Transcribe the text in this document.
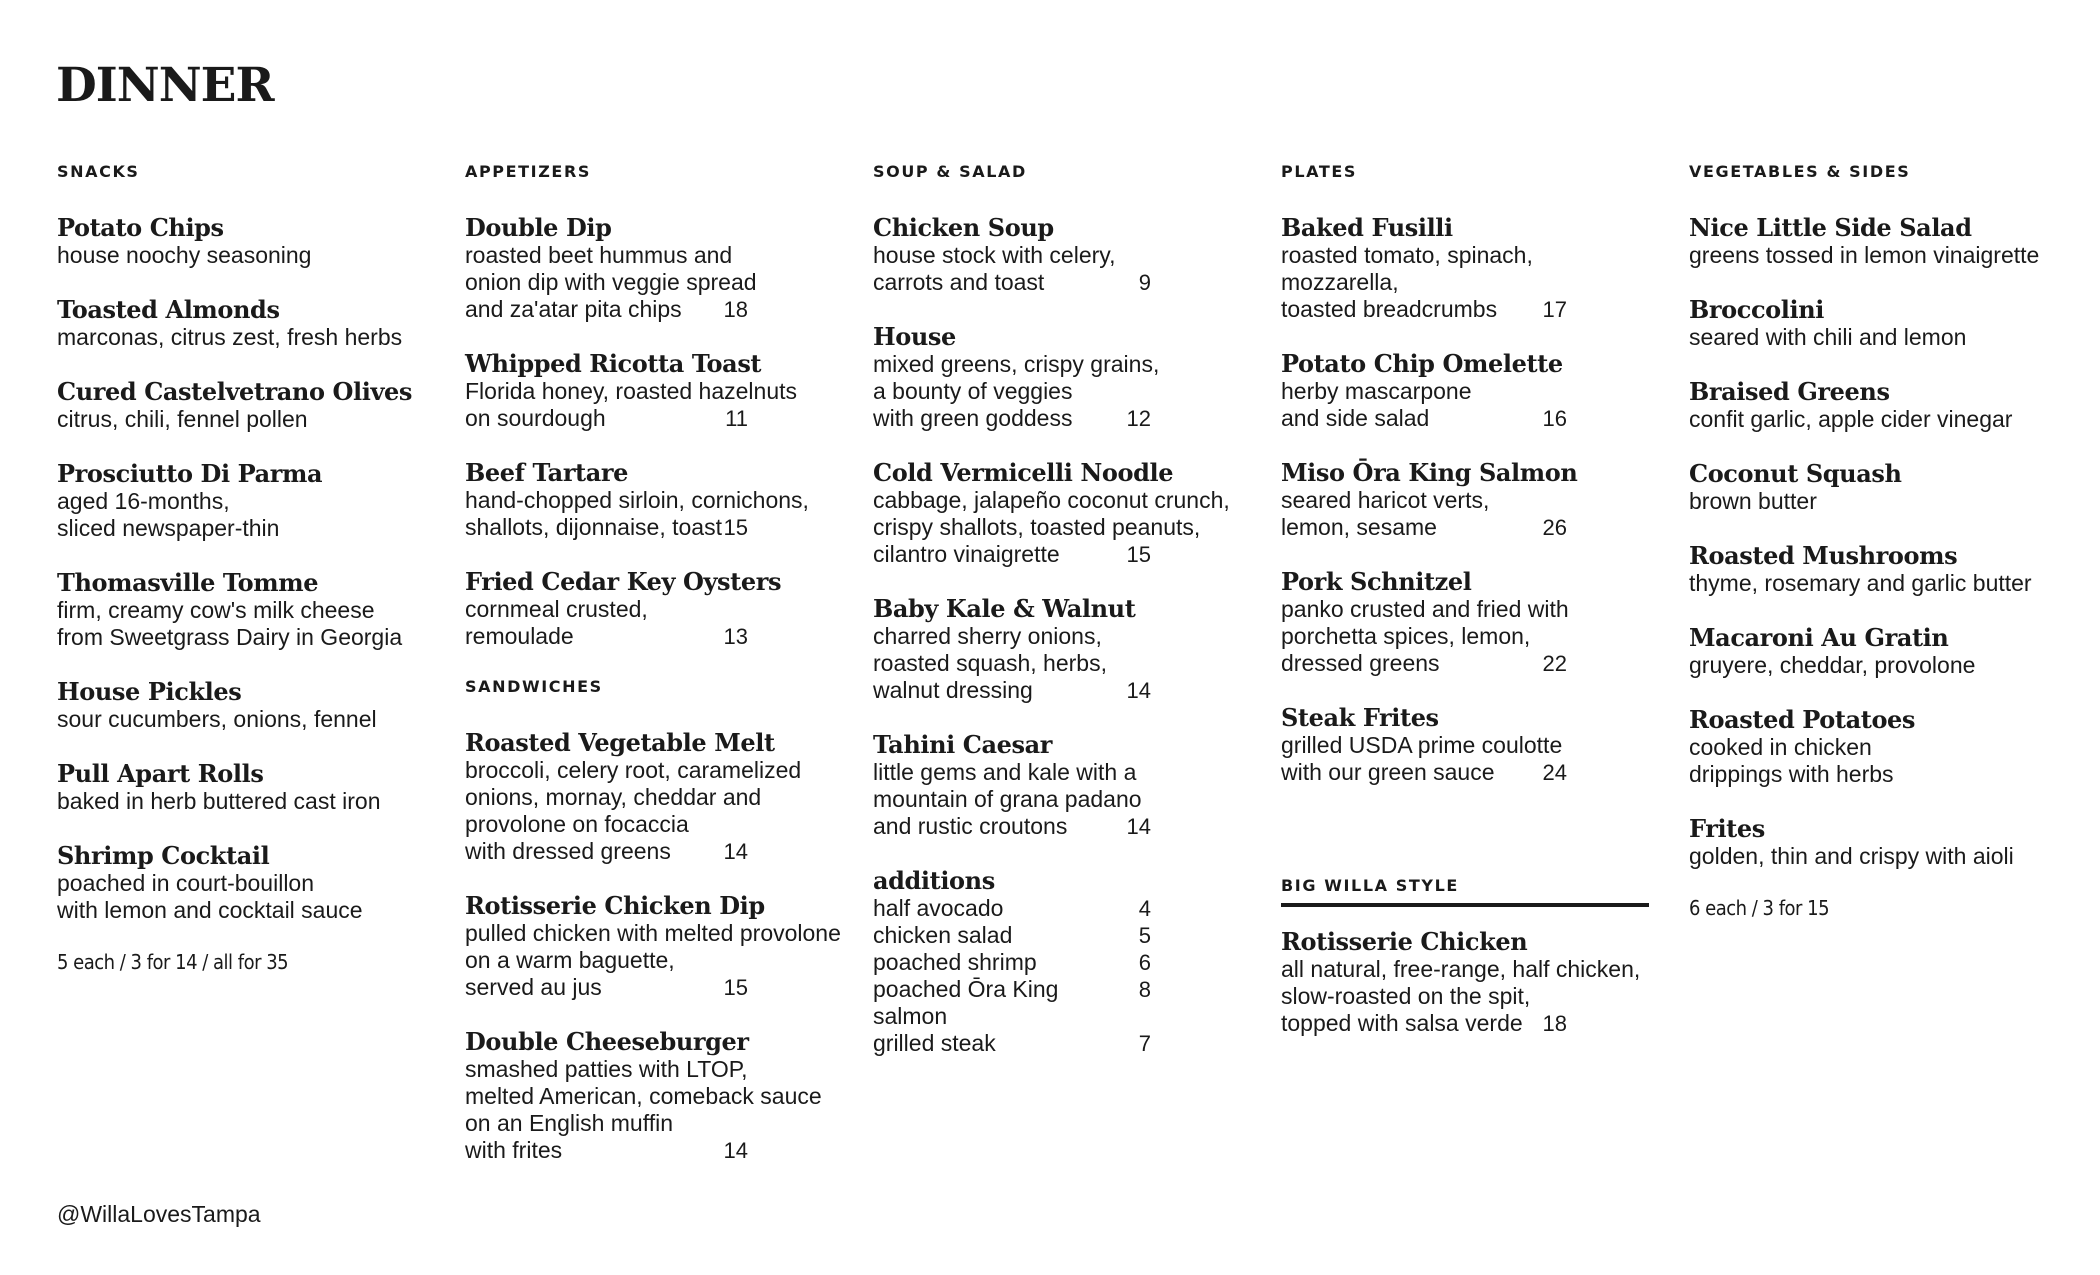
DINNER
SNACKS
Potato Chips
house noochy seasoning
Toasted Almonds
marconas, citrus zest, fresh herbs
Cured Castelvetrano Olives
citrus, chili, fennel pollen
Prosciutto Di Parma
aged 16-months,
sliced newspaper-thin
Thomasville Tomme
firm, creamy cow's milk cheese
from Sweetgrass Dairy in Georgia
House Pickles
sour cucumbers, onions, fennel
Pull Apart Rolls
baked in herb buttered cast iron
Shrimp Cocktail
poached in court-bouillon
with lemon and cocktail sauce
5 each / 3 for 14 / all for 35
APPETIZERS
Double Dip
roasted beet hummus and
onion dip with veggie spread
and za'atar pita chips 18
Whipped Ricotta Toast
Florida honey, roasted hazelnuts
on sourdough	11
Beef Tartare
hand-chopped sirloin, cornichons,
shallots, dijonnaise, toast 15
Fried Cedar Key Oysters
cornmeal crusted,
remoulade	13
SANDWICHES
Roasted Vegetable Melt
broccoli, celery root, caramelized
onions, mornay, cheddar and
provolone on focaccia
with dressed greens 14
Rotisserie Chicken Dip
pulled chicken with melted provolone
on a warm baguette,
served au jus	15
Double Cheeseburger
smashed patties with LTOP,
melted American, comeback sauce
on an English muffin
with frites	14
SOUP & SALAD
Chicken Soup
house stock with celery,
carrots and toast	9
House
mixed greens, crispy grains,
a bounty of veggies
with green goddess 12
Cold Vermicelli Noodle
cabbage, jalapeño coconut crunch,
crispy shallots, toasted peanuts,
cilantro vinaigrette	15
Baby Kale & Walnut
charred sherry onions,
roasted squash, herbs,
walnut dressing	14
Tahini Caesar
little gems and kale with a
mountain of grana padano
and rustic croutons	14
additions
half avocado	4
chicken salad	5
poached shrimp	6
poached Ōra King salmon
8
grilled steak	7
PLATES
Baked Fusilli
roasted tomato, spinach,
mozzarella,
toasted breadcrumbs 17
Potato Chip Omelette
herby mascarpone
and side salad	16
Miso Ōra King Salmon
seared haricot verts,
lemon, sesame	26
Pork Schnitzel
panko crusted and fried with
porchetta spices, lemon,
dressed greens	22
Steak Frites
grilled USDA prime coulotte
with our green sauce 24
BIG WILLA STYLE
Rotisserie Chicken
all natural, free-range, half chicken,
slow-roasted on the spit,
topped with salsa verde 18
VEGETABLES & SIDES
Nice Little Side Salad
greens tossed in lemon vinaigrette
Broccolini
seared with chili and lemon
Braised Greens
confit garlic, apple cider vinegar
Coconut Squash
brown butter
Roasted Mushrooms
thyme, rosemary and garlic butter
Macaroni Au Gratin
gruyere, cheddar, provolone
Roasted Potatoes
cooked in chicken
drippings with herbs
Frites
golden, thin and crispy with aioli
6 each / 3 for 15
@WillaLovesTampa
